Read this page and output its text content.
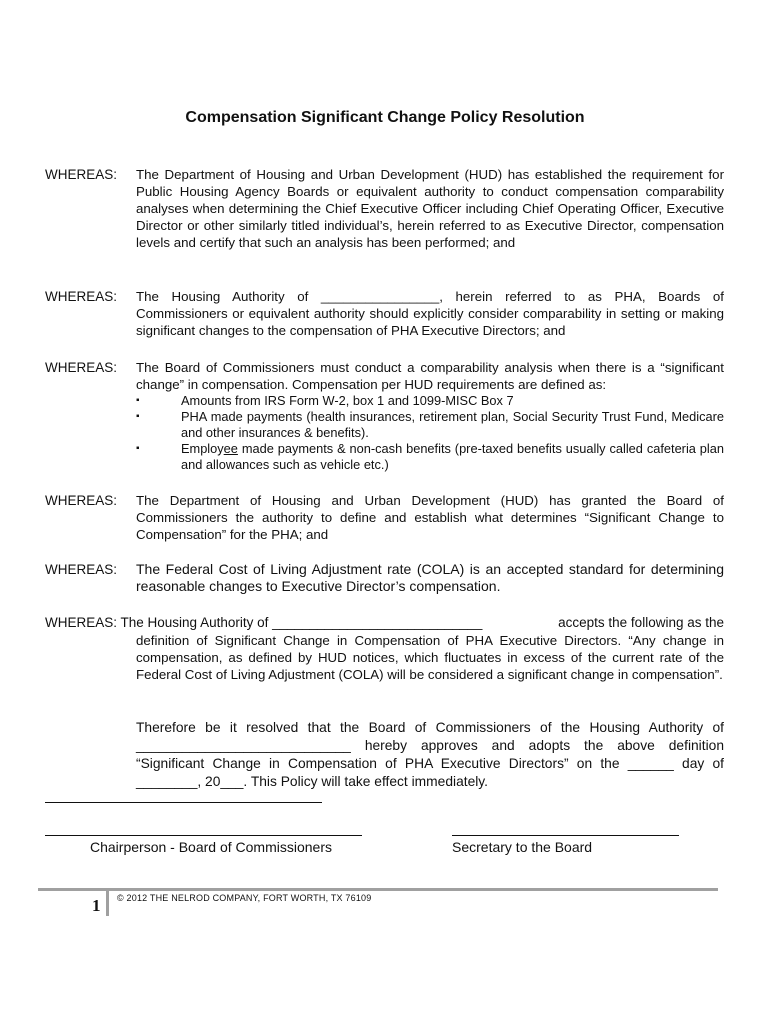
Compensation Significant Change Policy Resolution
WHEREAS: The Department of Housing and Urban Development (HUD) has established the requirement for Public Housing Agency Boards or equivalent authority to conduct compensation comparability analyses when determining the Chief Executive Officer including Chief Operating Officer, Executive Director or other similarly titled individual’s, herein referred to as Executive Director, compensation levels and certify that such an analysis has been performed; and
WHEREAS: The Housing Authority of ________________, herein referred to as PHA, Boards of
Commissioners or equivalent authority should explicitly consider comparability in setting or making significant changes to the compensation of PHA Executive Directors; and
WHEREAS: The Board of Commissioners must conduct a comparability analysis when there is a “significant change” in compensation. Compensation per HUD requirements are defined as:
▪	Amounts from IRS Form W-2, box 1 and 1099-MISC Box 7
▪	PHA made payments (health insurances, retirement plan, Social Security Trust Fund, Medicare and other insurances & benefits).
▪	Employee made payments & non-cash benefits (pre-taxed benefits usually called cafeteria plan and allowances such as vehicle etc.)
WHEREAS: The Department of Housing and Urban Development (HUD) has granted the Board of Commissioners the authority to define and establish what determines “Significant Change to Compensation” for the PHA; and
WHEREAS: The Federal Cost of Living Adjustment rate (COLA) is an accepted standard for determining reasonable changes to Executive Director’s compensation.
WHEREAS: The Housing Authority of ____________________________	accepts the following as the
definition of Significant Change in Compensation of PHA Executive Directors. “Any change in compensation, as defined by HUD notices, which fluctuates in excess of the current rate of the Federal Cost of Living Adjustment (COLA) will be considered a significant change in compensation”.
Therefore be it resolved that the Board of Commissioners of the Housing Authority of ____________________________ hereby approves and adopts the above definition “Significant Change in Compensation of PHA Executive Directors” on the ______ day of ________, 20___. This Policy will take effect immediately.
Chairperson - Board of Commissioners	Secretary to the Board
1 © 2012 THE NELROD COMPANY, FORT WORTH, TX 76109
